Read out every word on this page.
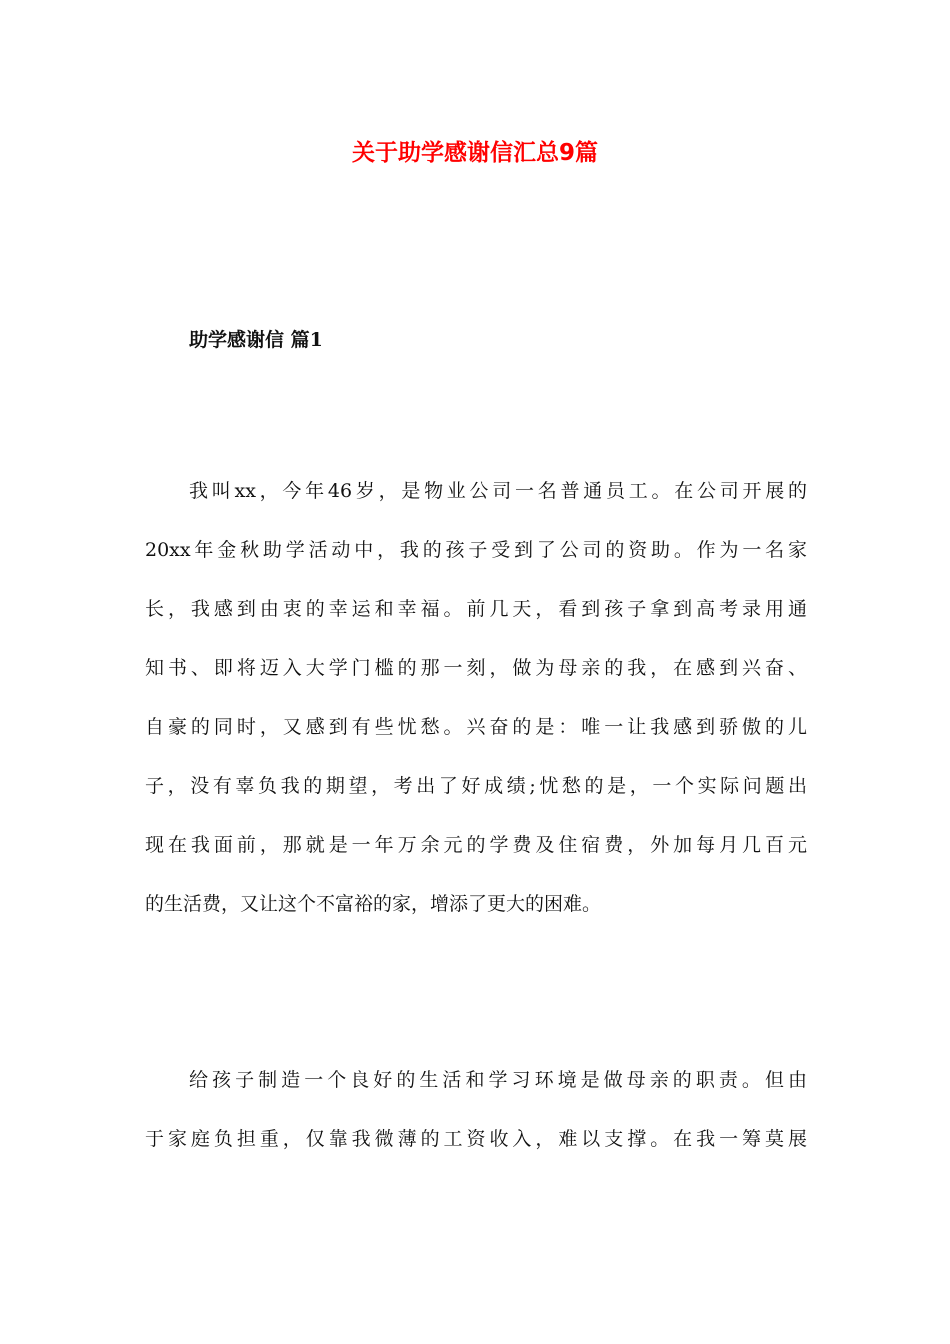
关于助学感谢信汇总9篇
助学感谢信 篇1

我叫xx，今年46岁，是物业公司一名普通员工。在公司开展的
20xx年金秋助学活动中，我的孩子受到了公司的资助。作为一名家
长，我感到由衷的幸运和幸福。前几天，看到孩子拿到高考录用通
知书、即将迈入大学门槛的那一刻，做为母亲的我，在感到兴奋、
自豪的同时，又感到有些忧愁。兴奋的是：唯一让我感到骄傲的儿
子，没有辜负我的期望，考出了好成绩;忧愁的是，一个实际问题出
现在我面前，那就是一年万余元的学费及住宿费，外加每月几百元
的生活费，又让这个不富裕的家，增添了更大的困难。

给孩子制造一个良好的生活和学习环境是做母亲的职责。但由
于家庭负担重，仅靠我微薄的工资收入，难以支撑。在我一筹莫展
